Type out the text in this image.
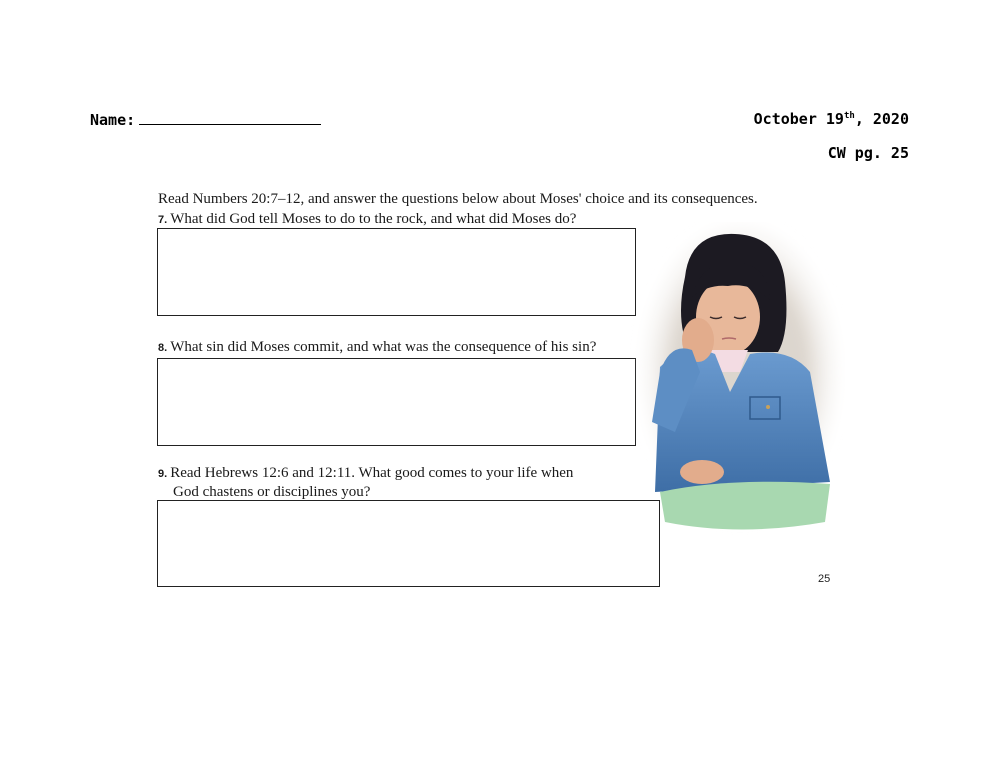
Name:	October 19th, 2020
CW pg. 25
Read Numbers 20:7–12, and answer the questions below about Moses' choice and its consequences.
7. What did God tell Moses to do to the rock, and what did Moses do?
8. What sin did Moses commit, and what was the consequence of his sin?
9. Read Hebrews 12:6 and 12:11. What good comes to your life when
God chastens or disciplines you?
25
